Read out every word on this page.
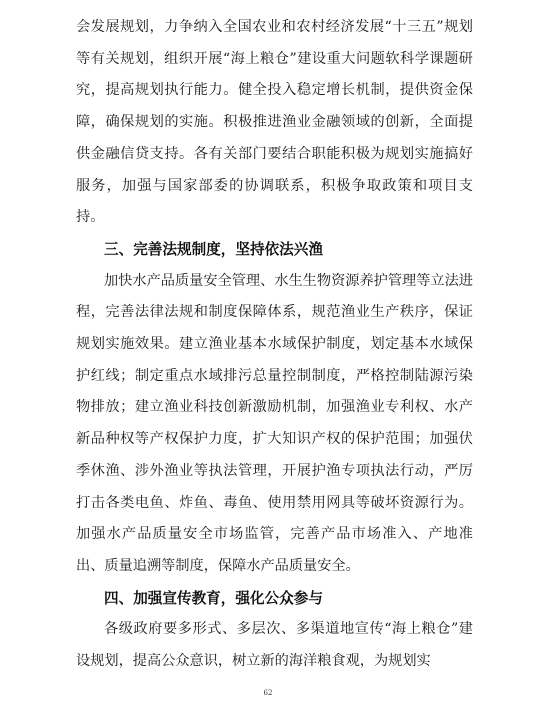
会发展规划，力争纳入全国农业和农村经济发展“十三五”规划等有关规划，组织开展“海上粮仓”建设重大问题软科学课题研究，提高规划执行能力。健全投入稳定增长机制，提供资金保障，确保规划的实施。积极推进渔业金融领域的创新，全面提供金融信贷支持。各有关部门要结合职能积极为规划实施搞好服务，加强与国家部委的协调联系，积极争取政策和项目支持。

三、完善法规制度，坚持依法兴渔

加快水产品质量安全管理、水生生物资源养护管理等立法进程，完善法律法规和制度保障体系，规范渔业生产秩序，保证规划实施效果。建立渔业基本水域保护制度，划定基本水域保护红线；制定重点水域排污总量控制制度，严格控制陆源污染物排放；建立渔业科技创新激励机制，加强渔业专利权、水产新品种权等产权保护力度，扩大知识产权的保护范围；加强伏季休渔、涉外渔业等执法管理，开展护渔专项执法行动，严厉打击各类电鱼、炸鱼、毒鱼、使用禁用网具等破坏资源行为。加强水产品质量安全市场监管，完善产品市场准入、产地准出、质量追溯等制度，保障水产品质量安全。

四、加强宣传教育，强化公众参与

各级政府要多形式、多层次、多渠道地宣传“海上粮仓”建设规划，提高公众意识，树立新的海洋粮食观，为规划实

62
